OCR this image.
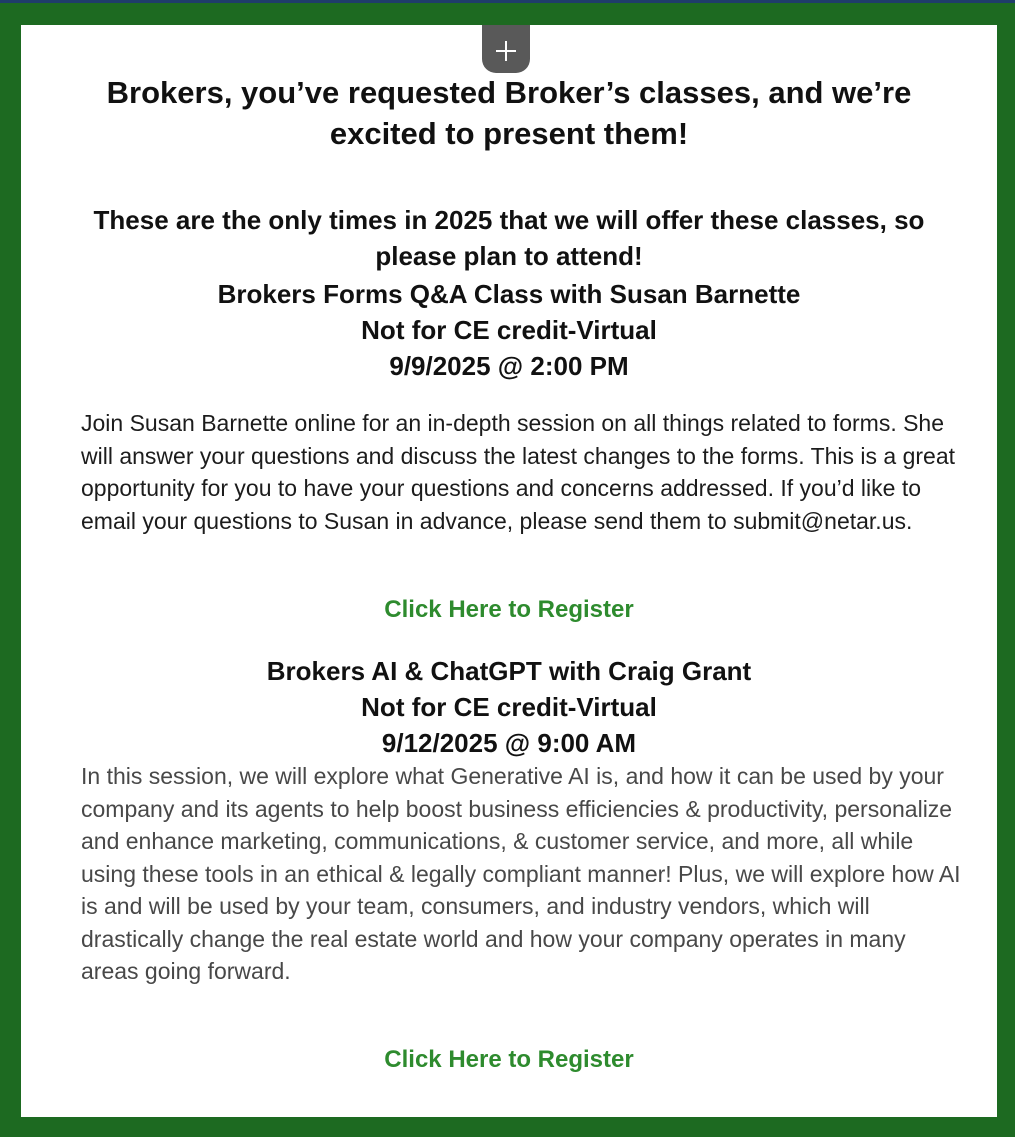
Brokers, you’ve requested Broker’s classes, and we’re excited to present them!
These are the only times in 2025 that we will offer these classes, so please plan to attend!
Brokers Forms Q&A Class with Susan Barnette
Not for CE credit-Virtual
9/9/2025 @ 2:00 PM

Join Susan Barnette online for an in-depth session on all things related to forms. She will answer your questions and discuss the latest changes to the forms. This is a great opportunity for you to have your questions and concerns addressed. If you’d like to email your questions to Susan in advance, please send them to submit@netar.us.

Click Here to Register

Brokers AI & ChatGPT with Craig Grant
Not for CE credit-Virtual
9/12/2025 @ 9:00 AM

In this session, we will explore what Generative AI is, and how it can be used by your company and its agents to help boost business efficiencies & productivity, personalize and enhance marketing, communications, & customer service, and more, all while using these tools in an ethical & legally compliant manner! Plus, we will explore how AI is and will be used by your team, consumers, and industry vendors, which will drastically change the real estate world and how your company operates in many areas going forward.

Click Here to Register
